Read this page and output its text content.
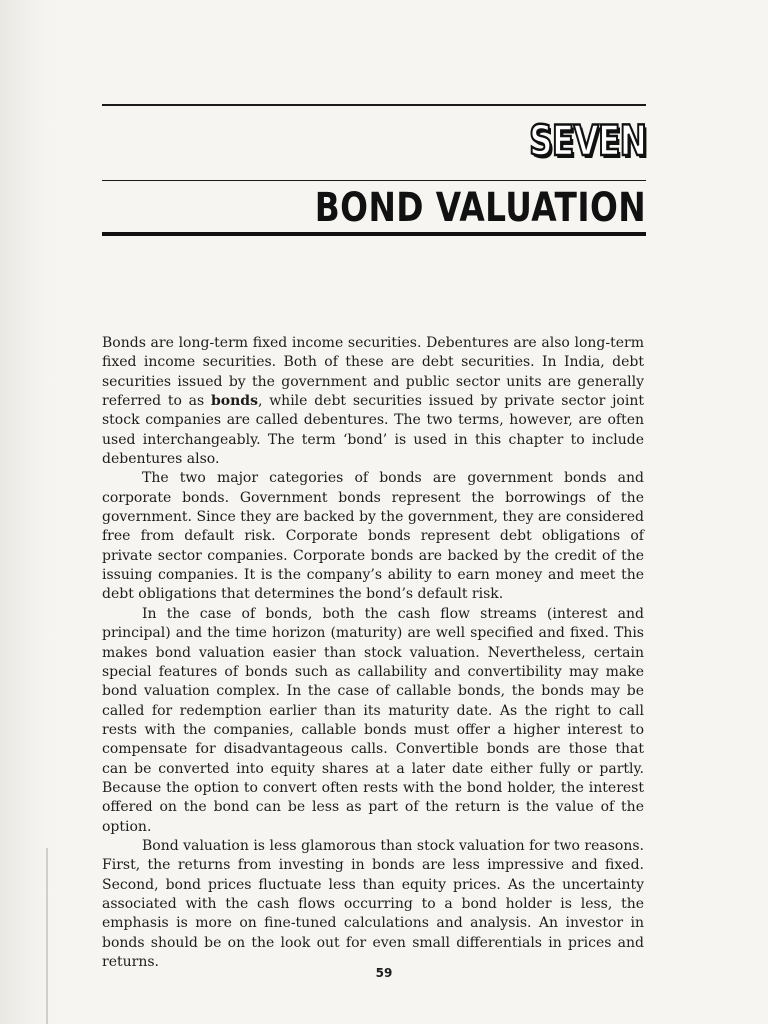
SEVEN
BOND VALUATION

Bonds are long-term fixed income securities. Debentures are also long-term fixed income securities. Both of these are debt securities. In India, debt securities issued by the government and public sector units are generally referred to as bonds, while debt securities issued by private sector joint stock companies are called debentures. The two terms, however, are often used interchangeably. The term ‘bond’ is used in this chapter to include debentures also.

The two major categories of bonds are government bonds and corporate bonds. Government bonds represent the borrowings of the government. Since they are backed by the government, they are considered free from default risk. Corporate bonds represent debt obligations of private sector companies. Corporate bonds are backed by the credit of the issuing companies. It is the company’s ability to earn money and meet the debt obligations that determines the bond’s default risk.

In the case of bonds, both the cash flow streams (interest and principal) and the time horizon (maturity) are well specified and fixed. This makes bond valuation easier than stock valuation. Nevertheless, certain special features of bonds such as callability and convertibility may make bond valuation complex. In the case of callable bonds, the bonds may be called for redemption earlier than its maturity date. As the right to call rests with the companies, callable bonds must offer a higher interest to compensate for disadvantageous calls. Convertible bonds are those that can be converted into equity shares at a later date either fully or partly. Because the option to convert often rests with the bond holder, the interest offered on the bond can be less as part of the return is the value of the option.

Bond valuation is less glamorous than stock valuation for two reasons. First, the returns from investing in bonds are less impressive and fixed. Second, bond prices fluctuate less than equity prices. As the uncertainty associated with the cash flows occurring to a bond holder is less, the emphasis is more on fine-tuned calculations and analysis. An investor in bonds should be on the look out for even small differentials in prices and returns.

59
